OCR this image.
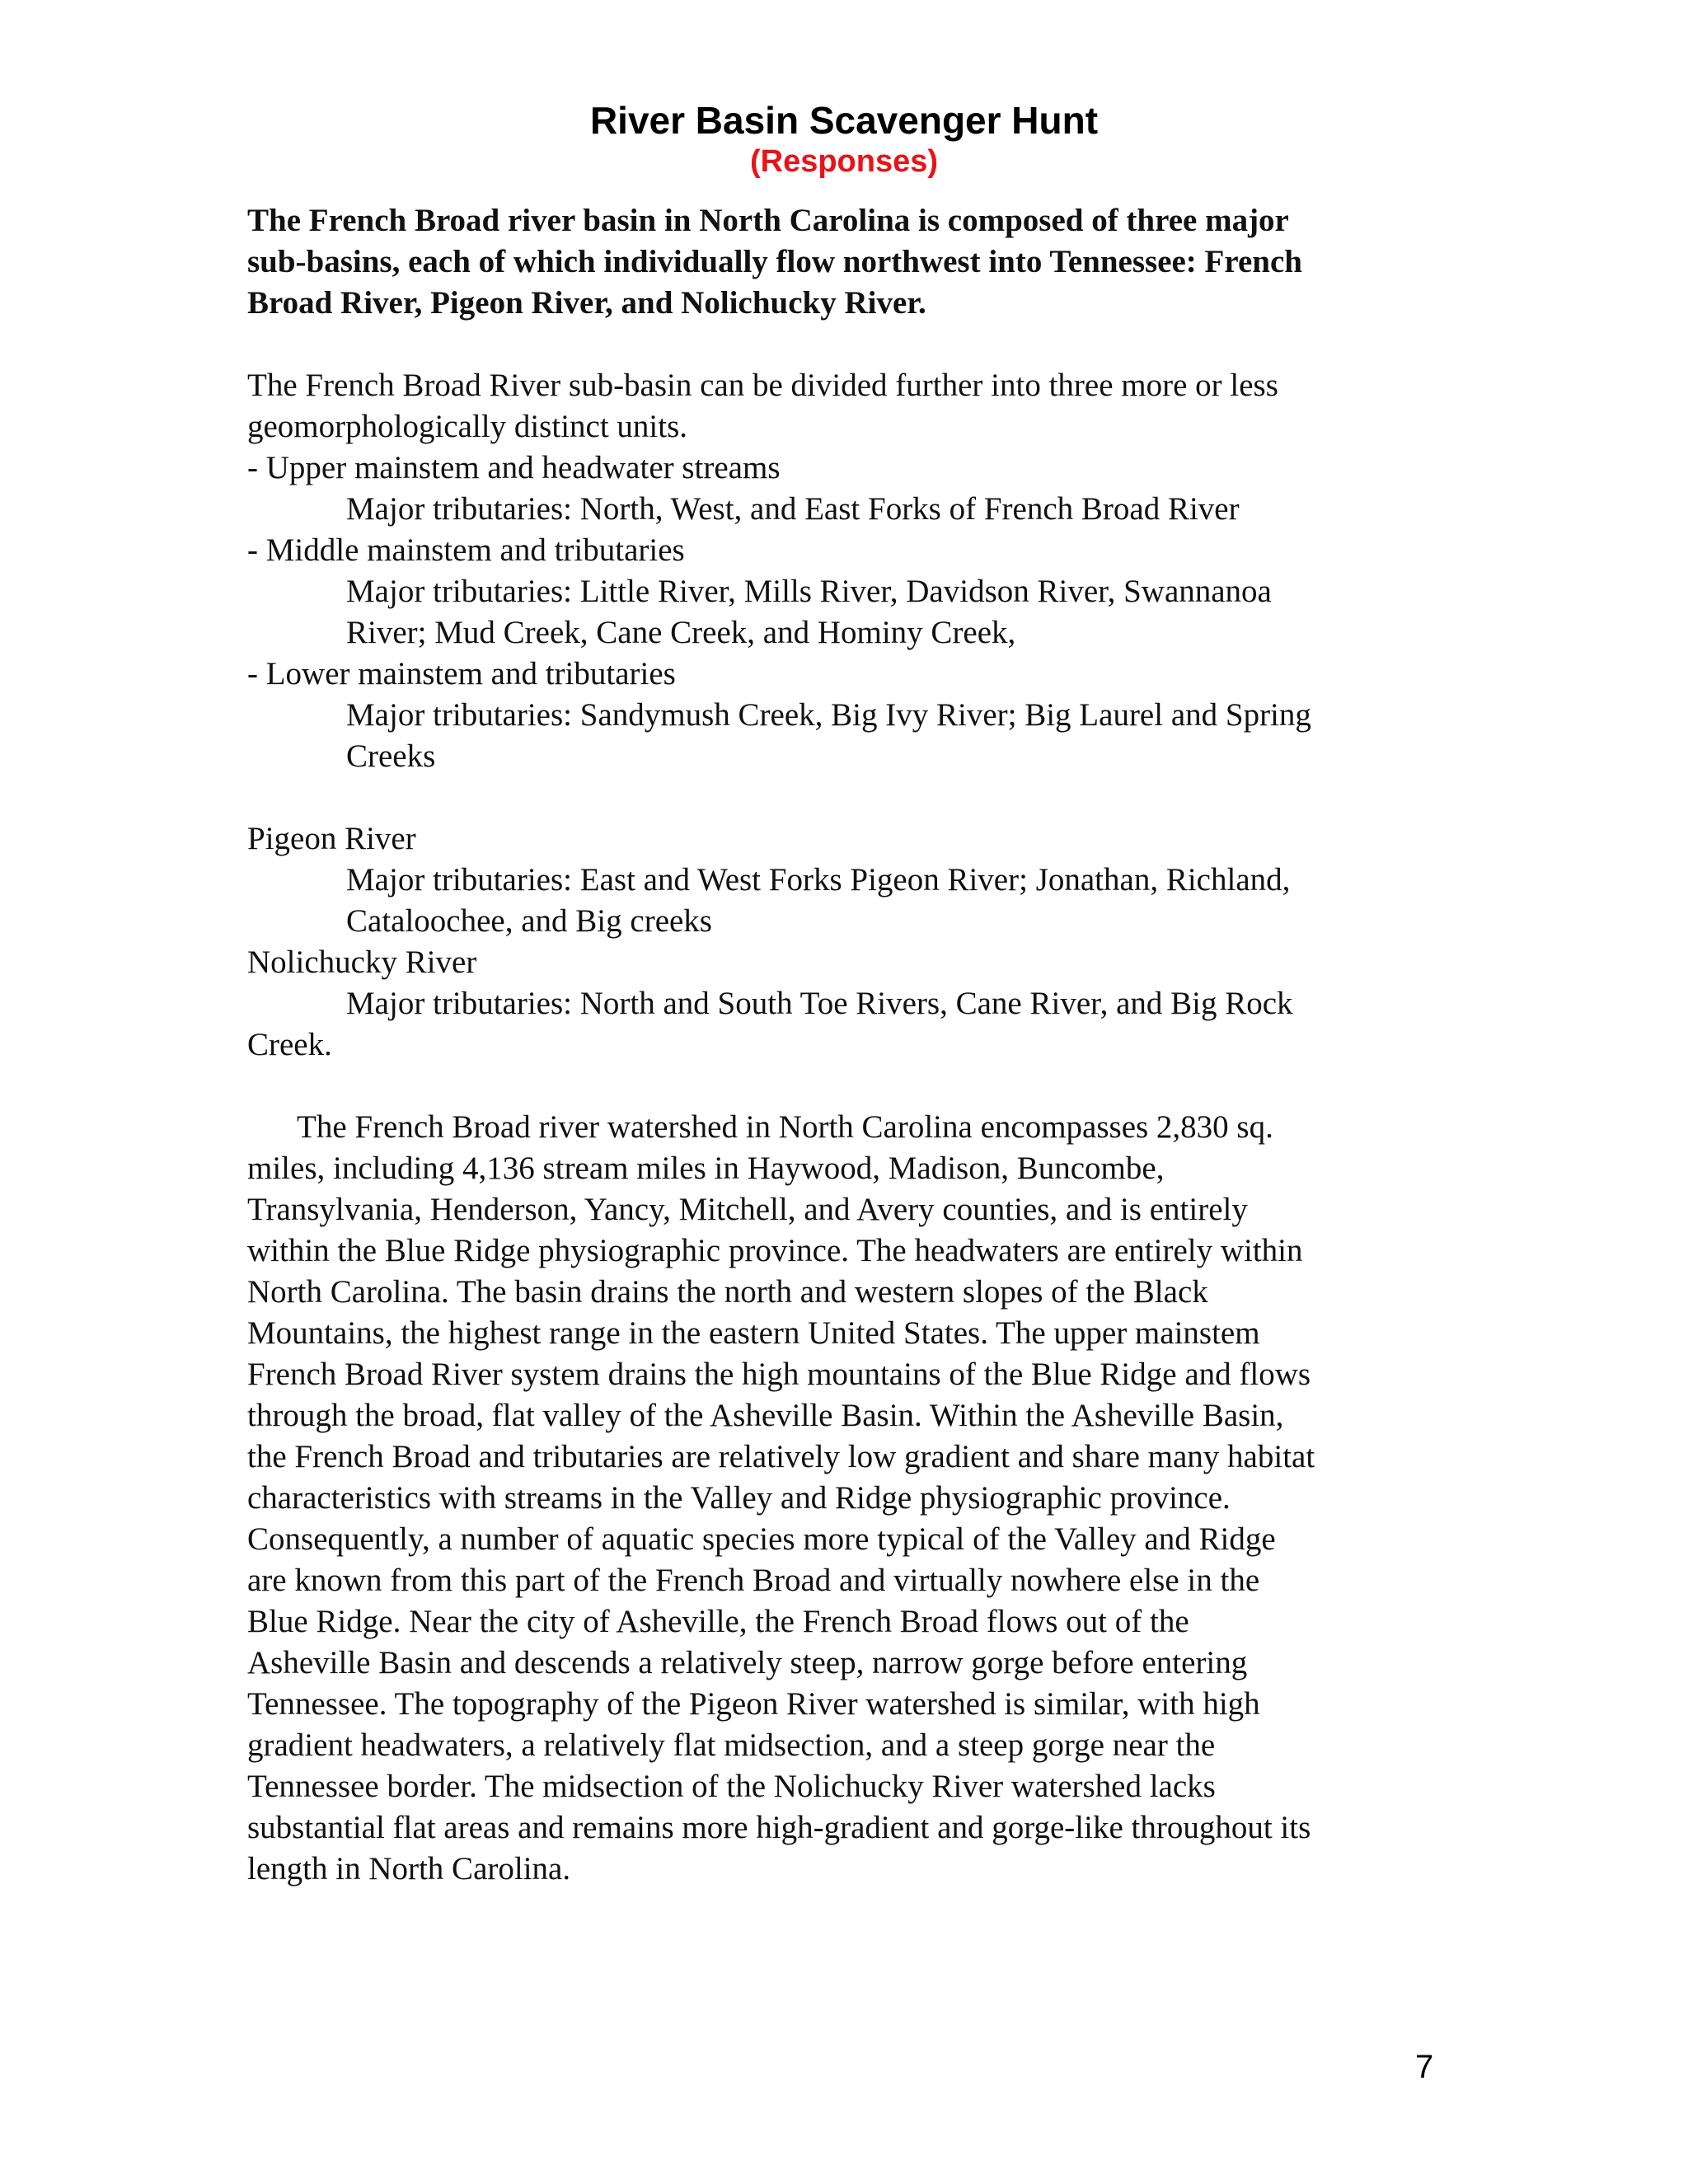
River Basin Scavenger Hunt
(Responses)
The French Broad river basin in North Carolina is composed of three major
sub-basins, each of which individually flow northwest into Tennessee: French
Broad River, Pigeon River, and Nolichucky River.
The French Broad River sub-basin can be divided further into three more or less
geomorphologically distinct units.
- Upper mainstem and headwater streams
Major tributaries: North, West, and East Forks of French Broad River
- Middle mainstem and tributaries
Major tributaries: Little River, Mills River, Davidson River, Swannanoa
River; Mud Creek, Cane Creek, and Hominy Creek,
- Lower mainstem and tributaries
Major tributaries: Sandymush Creek, Big Ivy River; Big Laurel and Spring
Creeks
Pigeon River
Major tributaries: East and West Forks Pigeon River; Jonathan, Richland,
Cataloochee, and Big creeks
Nolichucky River
Major tributaries: North and South Toe Rivers, Cane River, and Big Rock
Creek.
The French Broad river watershed in North Carolina encompasses 2,830 sq.
miles, including 4,136 stream miles in Haywood, Madison, Buncombe,
Transylvania, Henderson, Yancy, Mitchell, and Avery counties, and is entirely
within the Blue Ridge physiographic province. The headwaters are entirely within
North Carolina. The basin drains the north and western slopes of the Black
Mountains, the highest range in the eastern United States. The upper mainstem
French Broad River system drains the high mountains of the Blue Ridge and flows
through the broad, flat valley of the Asheville Basin. Within the Asheville Basin,
the French Broad and tributaries are relatively low gradient and share many habitat
characteristics with streams in the Valley and Ridge physiographic province.
Consequently, a number of aquatic species more typical of the Valley and Ridge
are known from this part of the French Broad and virtually nowhere else in the
Blue Ridge. Near the city of Asheville, the French Broad flows out of the
Asheville Basin and descends a relatively steep, narrow gorge before entering
Tennessee. The topography of the Pigeon River watershed is similar, with high
gradient headwaters, a relatively flat midsection, and a steep gorge near the
Tennessee border. The midsection of the Nolichucky River watershed lacks
substantial flat areas and remains more high-gradient and gorge-like throughout its
length in North Carolina.
7
